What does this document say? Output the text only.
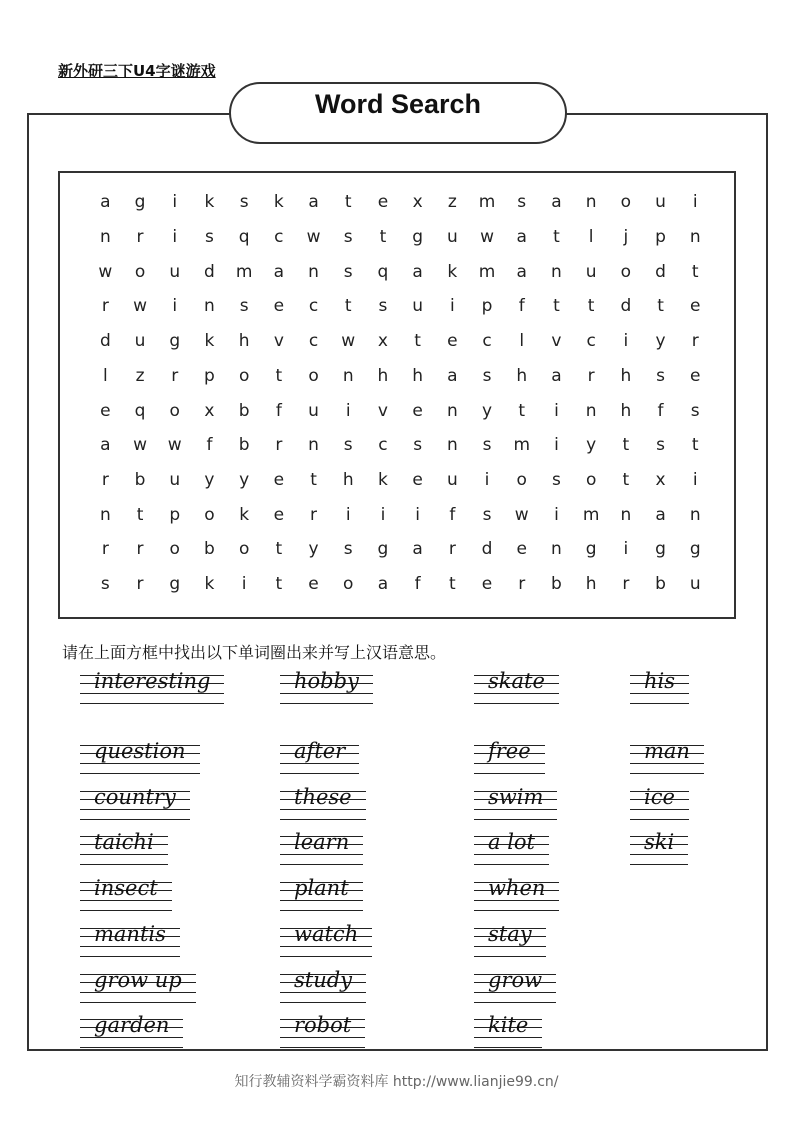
新外研三下U4字谜游戏
Word Search
a	g	i	k	s	k	a	t	e	x	z	m	s	a	n	o	u	i
n	r	i	s	q	c	w	s	t	g	u	w	a	t	l	j	p	n
w	o	u	d	m	a	n	s	q	a	k	m	a	n	u	o	d	t
r	w	i	n	s	e	c	t	s	u	i	p	f	t	t	d	t	e
d	u	g	k	h	v	c	w	x	t	e	c	l	v	c	i	y	r
l	z	r	p	o	t	o	n	h	h	a	s	h	a	r	h	s	e
e	q	o	x	b	f	u	i	v	e	n	y	t	i	n	h	f	s
a	w	w	f	b	r	n	s	c	s	n	s	m	i	y	t	s	t
r	b	u	y	y	e	t	h	k	e	u	i	o	s	o	t	x	i
n	t	p	o	k	e	r	i	i	i	f	s	w	i	m	n	a	n
r	r	o	b	o	t	y	s	g	a	r	d	e	n	g	i	g	g
s	r	g	k	i	t	e	o	a	f	t	e	r	b	h	r	b	u
请在上面方框中找出以下单词圈出来并写上汉语意思。
interesting
question
country
taichi
insect
mantis
grow up
garden
hobby
after
these
learn
plant
watch
study
robot
skate
free
swim
a lot
when
stay
grow
kite
his
man
ice
ski
知行教辅资料学霸资料库 http://www.lianjie99.cn/
